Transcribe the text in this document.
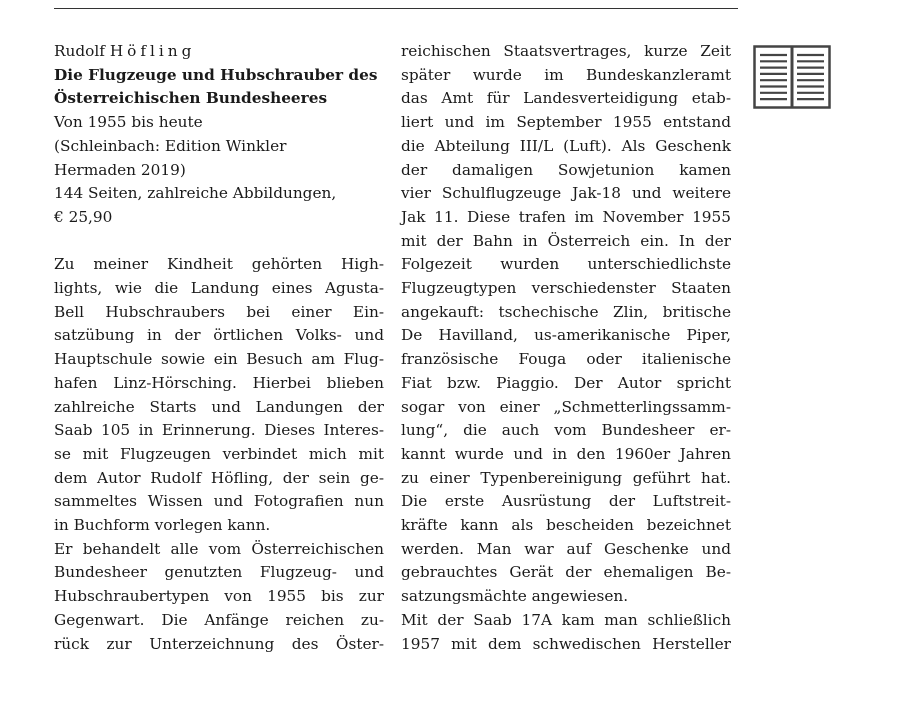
Rudolf Höfling
Die Flugzeuge und Hubschrauber des
Österreichischen Bundesheeres
Von 1955 bis heute
(Schleinbach: Edition Winkler
Hermaden 2019)
144 Seiten, zahlreiche Abbildungen,
€ 25,90
Zu meiner Kindheit gehörten High-
lights, wie die Landung eines Agusta-
Bell Hubschraubers bei einer Ein-
satzübung in der örtlichen Volks- und
Hauptschule sowie ein Besuch am Flug-
hafen Linz-Hörsching. Hierbei blieben
zahlreiche Starts und Landungen der
Saab 105 in Erinnerung. Dieses Interes-
se mit Flugzeugen verbindet mich mit
dem Autor Rudolf Höfling, der sein ge-
sammeltes Wissen und Fotografien nun
in Buchform vorlegen kann.
Er behandelt alle vom Österreichischen
Bundesheer genutzten Flugzeug- und
Hubschraubertypen von 1955 bis zur
Gegenwart. Die Anfänge reichen zu-
rück zur Unterzeichnung des Öster-
reichischen Staatsvertrages, kurze Zeit
später wurde im Bundeskanzleramt
das Amt für Landesverteidigung etab-
liert und im September 1955 entstand
die Abteilung III/L (Luft). Als Geschenk
der damaligen Sowjetunion kamen
vier Schulflugzeuge Jak-18 und weitere
Jak 11. Diese trafen im November 1955
mit der Bahn in Österreich ein. In der
Folgezeit wurden unterschiedlichste
Flugzeugtypen verschiedenster Staaten
angekauft: tschechische Zlin, britische
De Havilland, us-amerikanische Piper,
französische Fouga oder italienische
Fiat bzw. Piaggio. Der Autor spricht
sogar von einer „Schmetterlingssamm-
lung“, die auch vom Bundesheer er-
kannt wurde und in den 1960er Jahren
zu einer Typenbereinigung geführt hat.
Die erste Ausrüstung der Luftstreit-
kräfte kann als bescheiden bezeichnet
werden. Man war auf Geschenke und
gebrauchtes Gerät der ehemaligen Be-
satzungsmächte angewiesen.
Mit der Saab 17A kam man schließlich
1957 mit dem schwedischen Hersteller
